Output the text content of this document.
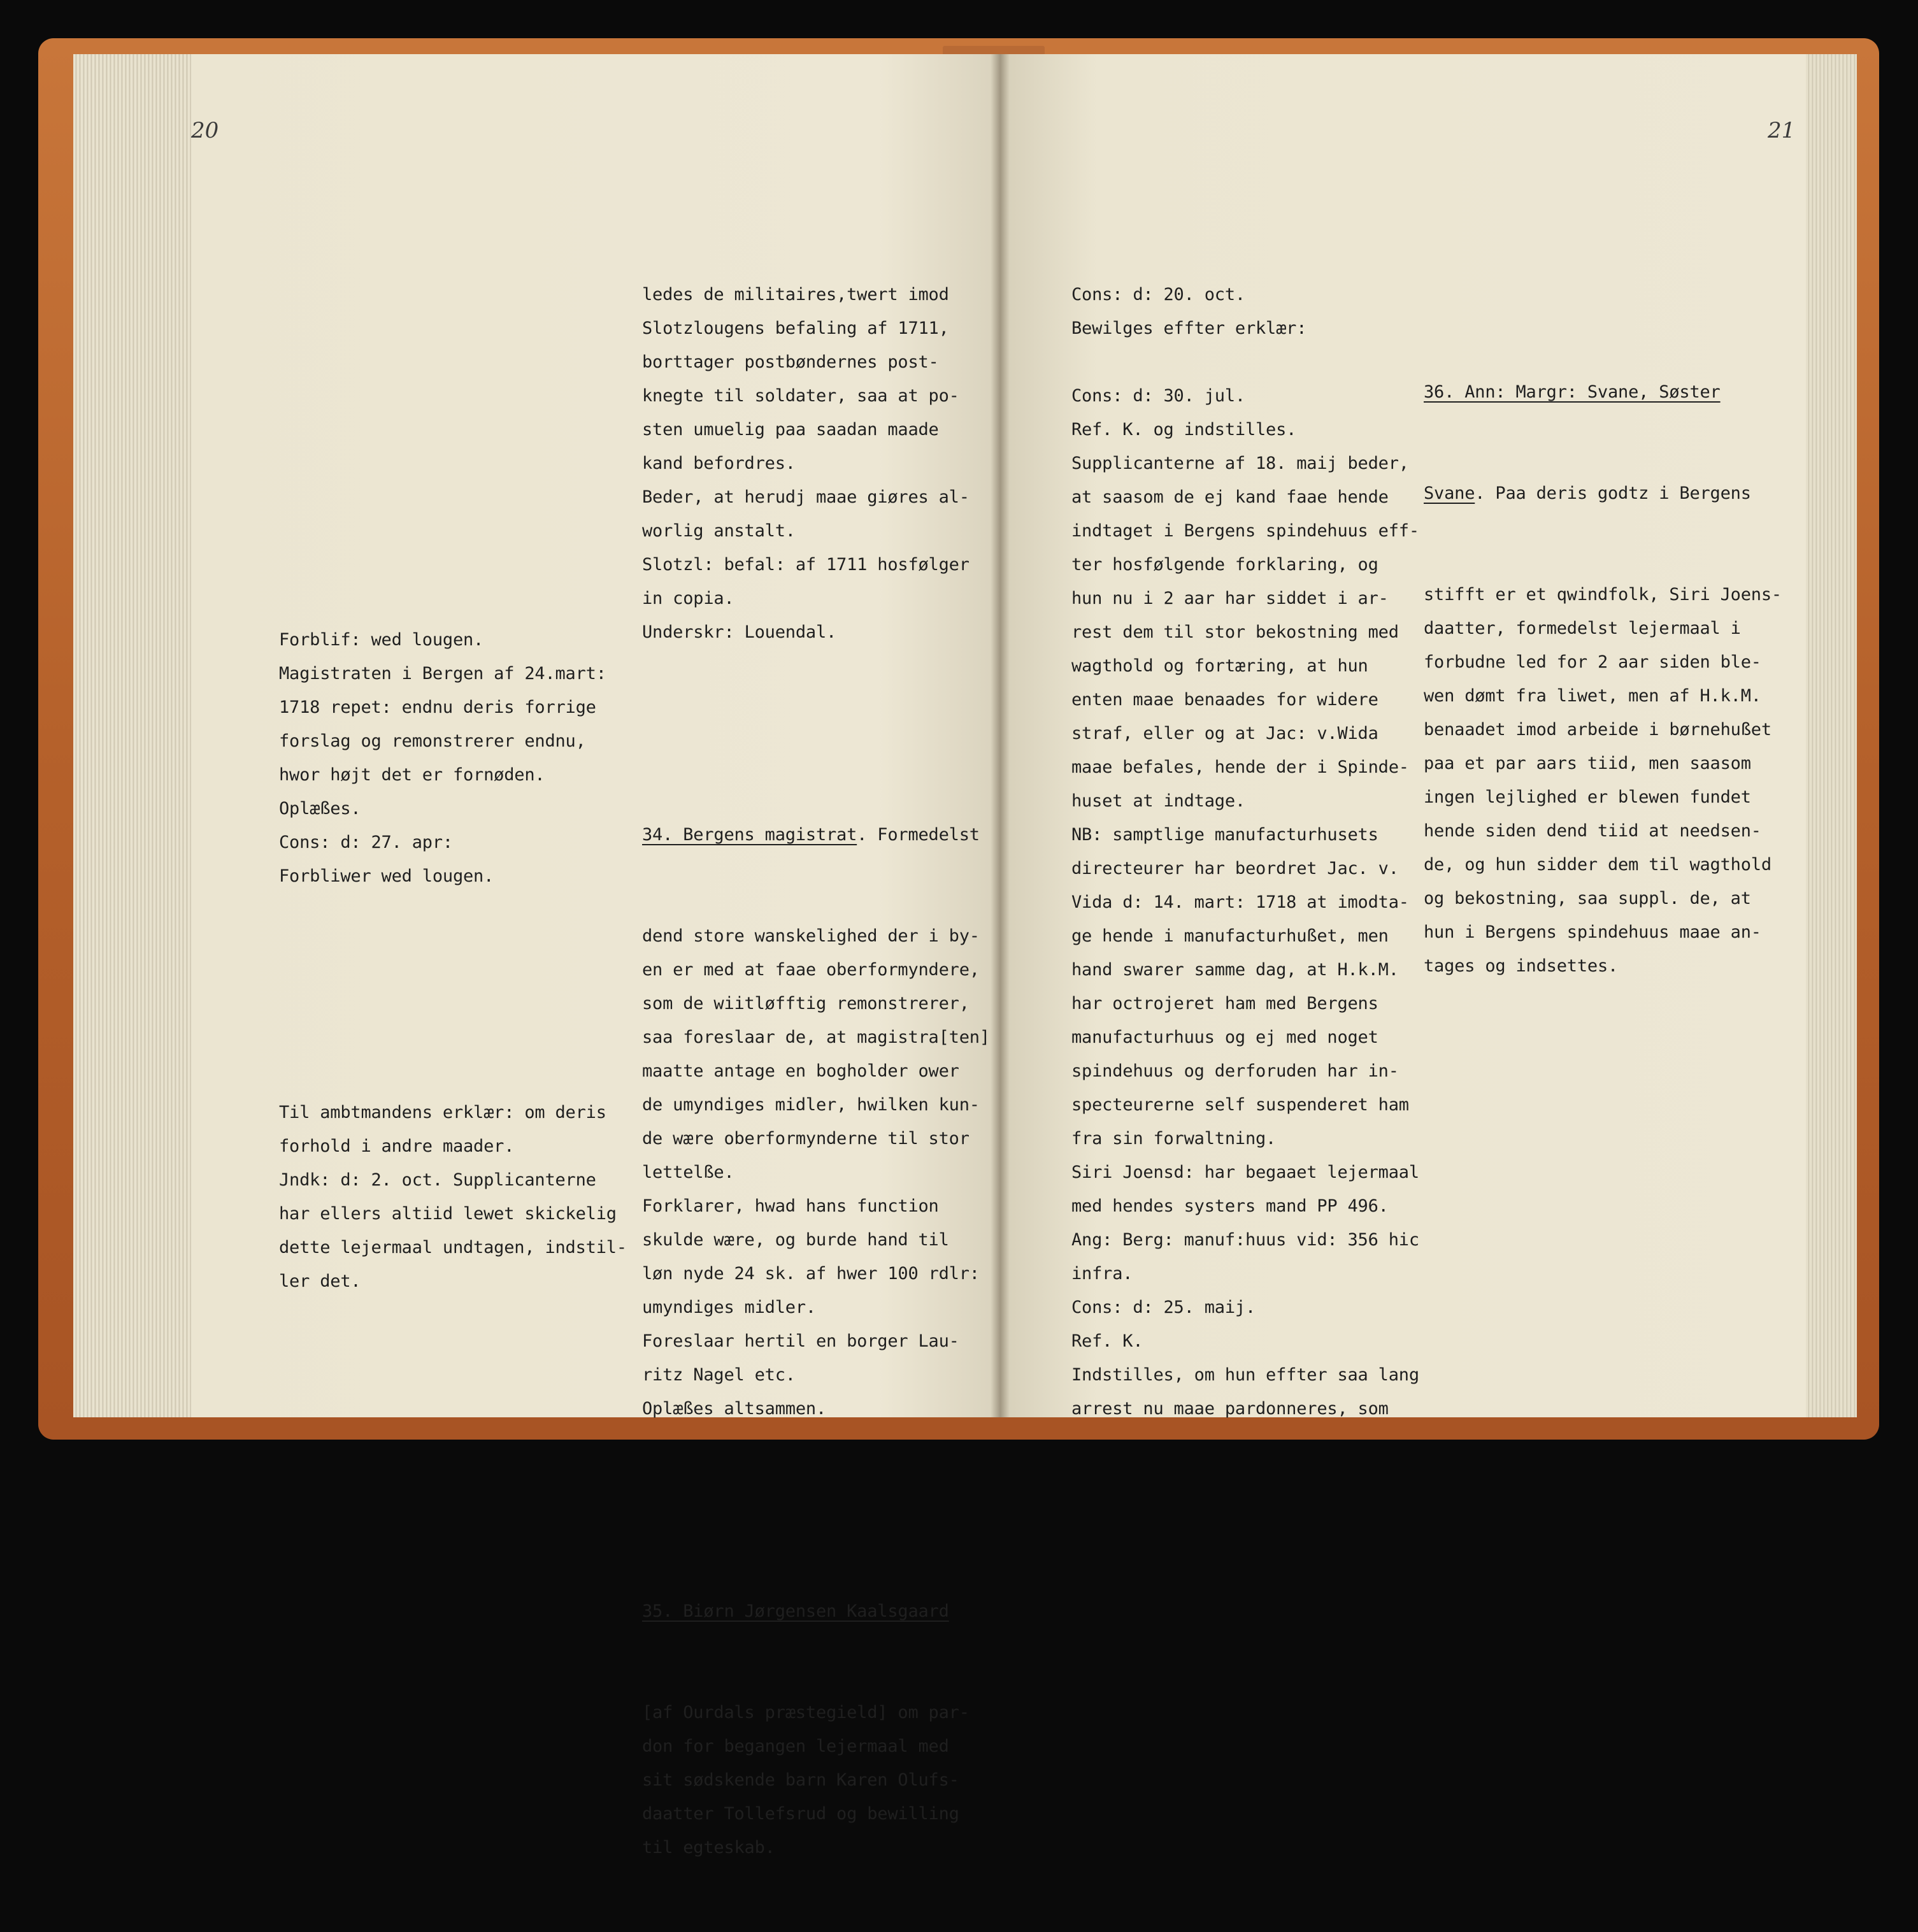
20

Forblif: wed lougen.
Magistraten i Bergen af 24.mart:
1718 repet: endnu deris forrige
forslag og remonstrerer endnu,
hwor højt det er fornøden.
Oplæßes.
Cons: d: 27. apr:
Forbliwer wed lougen.

Til ambtmandens erklær: om deris
forhold i andre maader.
Jndk: d: 2. oct. Supplicanterne
har ellers altiid lewet skickelig
dette lejermaal undtagen, indstil-
ler det.

ledes de militaires,twert imod
Slotzlougens befaling af 1711,
borttager postbøndernes post-
knegte til soldater, saa at po-
sten umuelig paa saadan maade
kand befordres.
Beder, at herudj maae giøres al-
worlig anstalt.
Slotzl: befal: af 1711 hosfølger
in copia.
Underskr: Louendal.

34. Bergens magistrat. Formedelst

dend store wanskelighed der i by-
en er med at faae oberformyndere,
som de wiitløfftig remonstrerer,
saa foreslaar de, at magistra[ten]
maatte antage en bogholder ower
de umyndiges midler, hwilken kun-
de wære oberformynderne til stor
lettelße.
Forklarer, hwad hans function
skulde wære, og burde hand til
løn nyde 24 sk. af hwer 100 rdlr:
umyndiges midler.
Foreslaar hertil en borger Lau-
ritz Nagel etc.
Oplæßes altsammen.

35. Biørn Jørgensen Kaalsgaard

[af Ourdals præstegield] om par-
don for begangen lejermaal med
sit sødskende barn Karen Olufs-
daatter Tollefsrud og bewilling
til egteskab.

21

Cons: d: 20. oct.
Bewilges effter erklær:
Cons: d: 30. jul.
Ref. K. og indstilles.
Supplicanterne af 18. maij beder,
at saasom de ej kand faae hende
indtaget i Bergens spindehuus eff-
ter hosfølgende forklaring, og
hun nu i 2 aar har siddet i ar-
rest dem til stor bekostning med
wagthold og fortæring, at hun
enten maae benaades for widere
straf, eller og at Jac: v.Wida
maae befales, hende der i Spinde-
huset at indtage.
NB: samptlige manufacturhusets
directeurer har beordret Jac. v.
Vida d: 14. mart: 1718 at imodta-
ge hende i manufacturhußet, men
hand swarer samme dag, at H.k.M.
har octrojeret ham med Bergens
manufacturhuus og ej med noget
spindehuus og derforuden har in-
specteurerne self suspenderet ham
fra sin forwaltning.
Siri Joensd: har begaaet lejermaal
med hendes systers mand PP 496.
Ang: Berg: manuf:huus vid: 356 hic
infra.
Cons: d: 25. maij.
Ref. K.
Indstilles, om hun effter saa lang
arrest nu maae pardonneres, som

36. Ann: Margr: Svane, Søster

Svane. Paa deris godtz i Bergens

stifft er et qwindfolk, Siri Joens-
daatter, formedelst lejermaal i
forbudne led for 2 aar siden ble-
wen dømt fra liwet, men af H.k.M.
benaadet imod arbeide i børnehußet
paa et par aars tiid, men saasom
ingen lejlighed er blewen fundet
hende siden dend tiid at needsen-
de, og hun sidder dem til wagthold
og bekostning, saa suppl. de, at
hun i Bergens spindehuus maae an-
tages og indsettes.
